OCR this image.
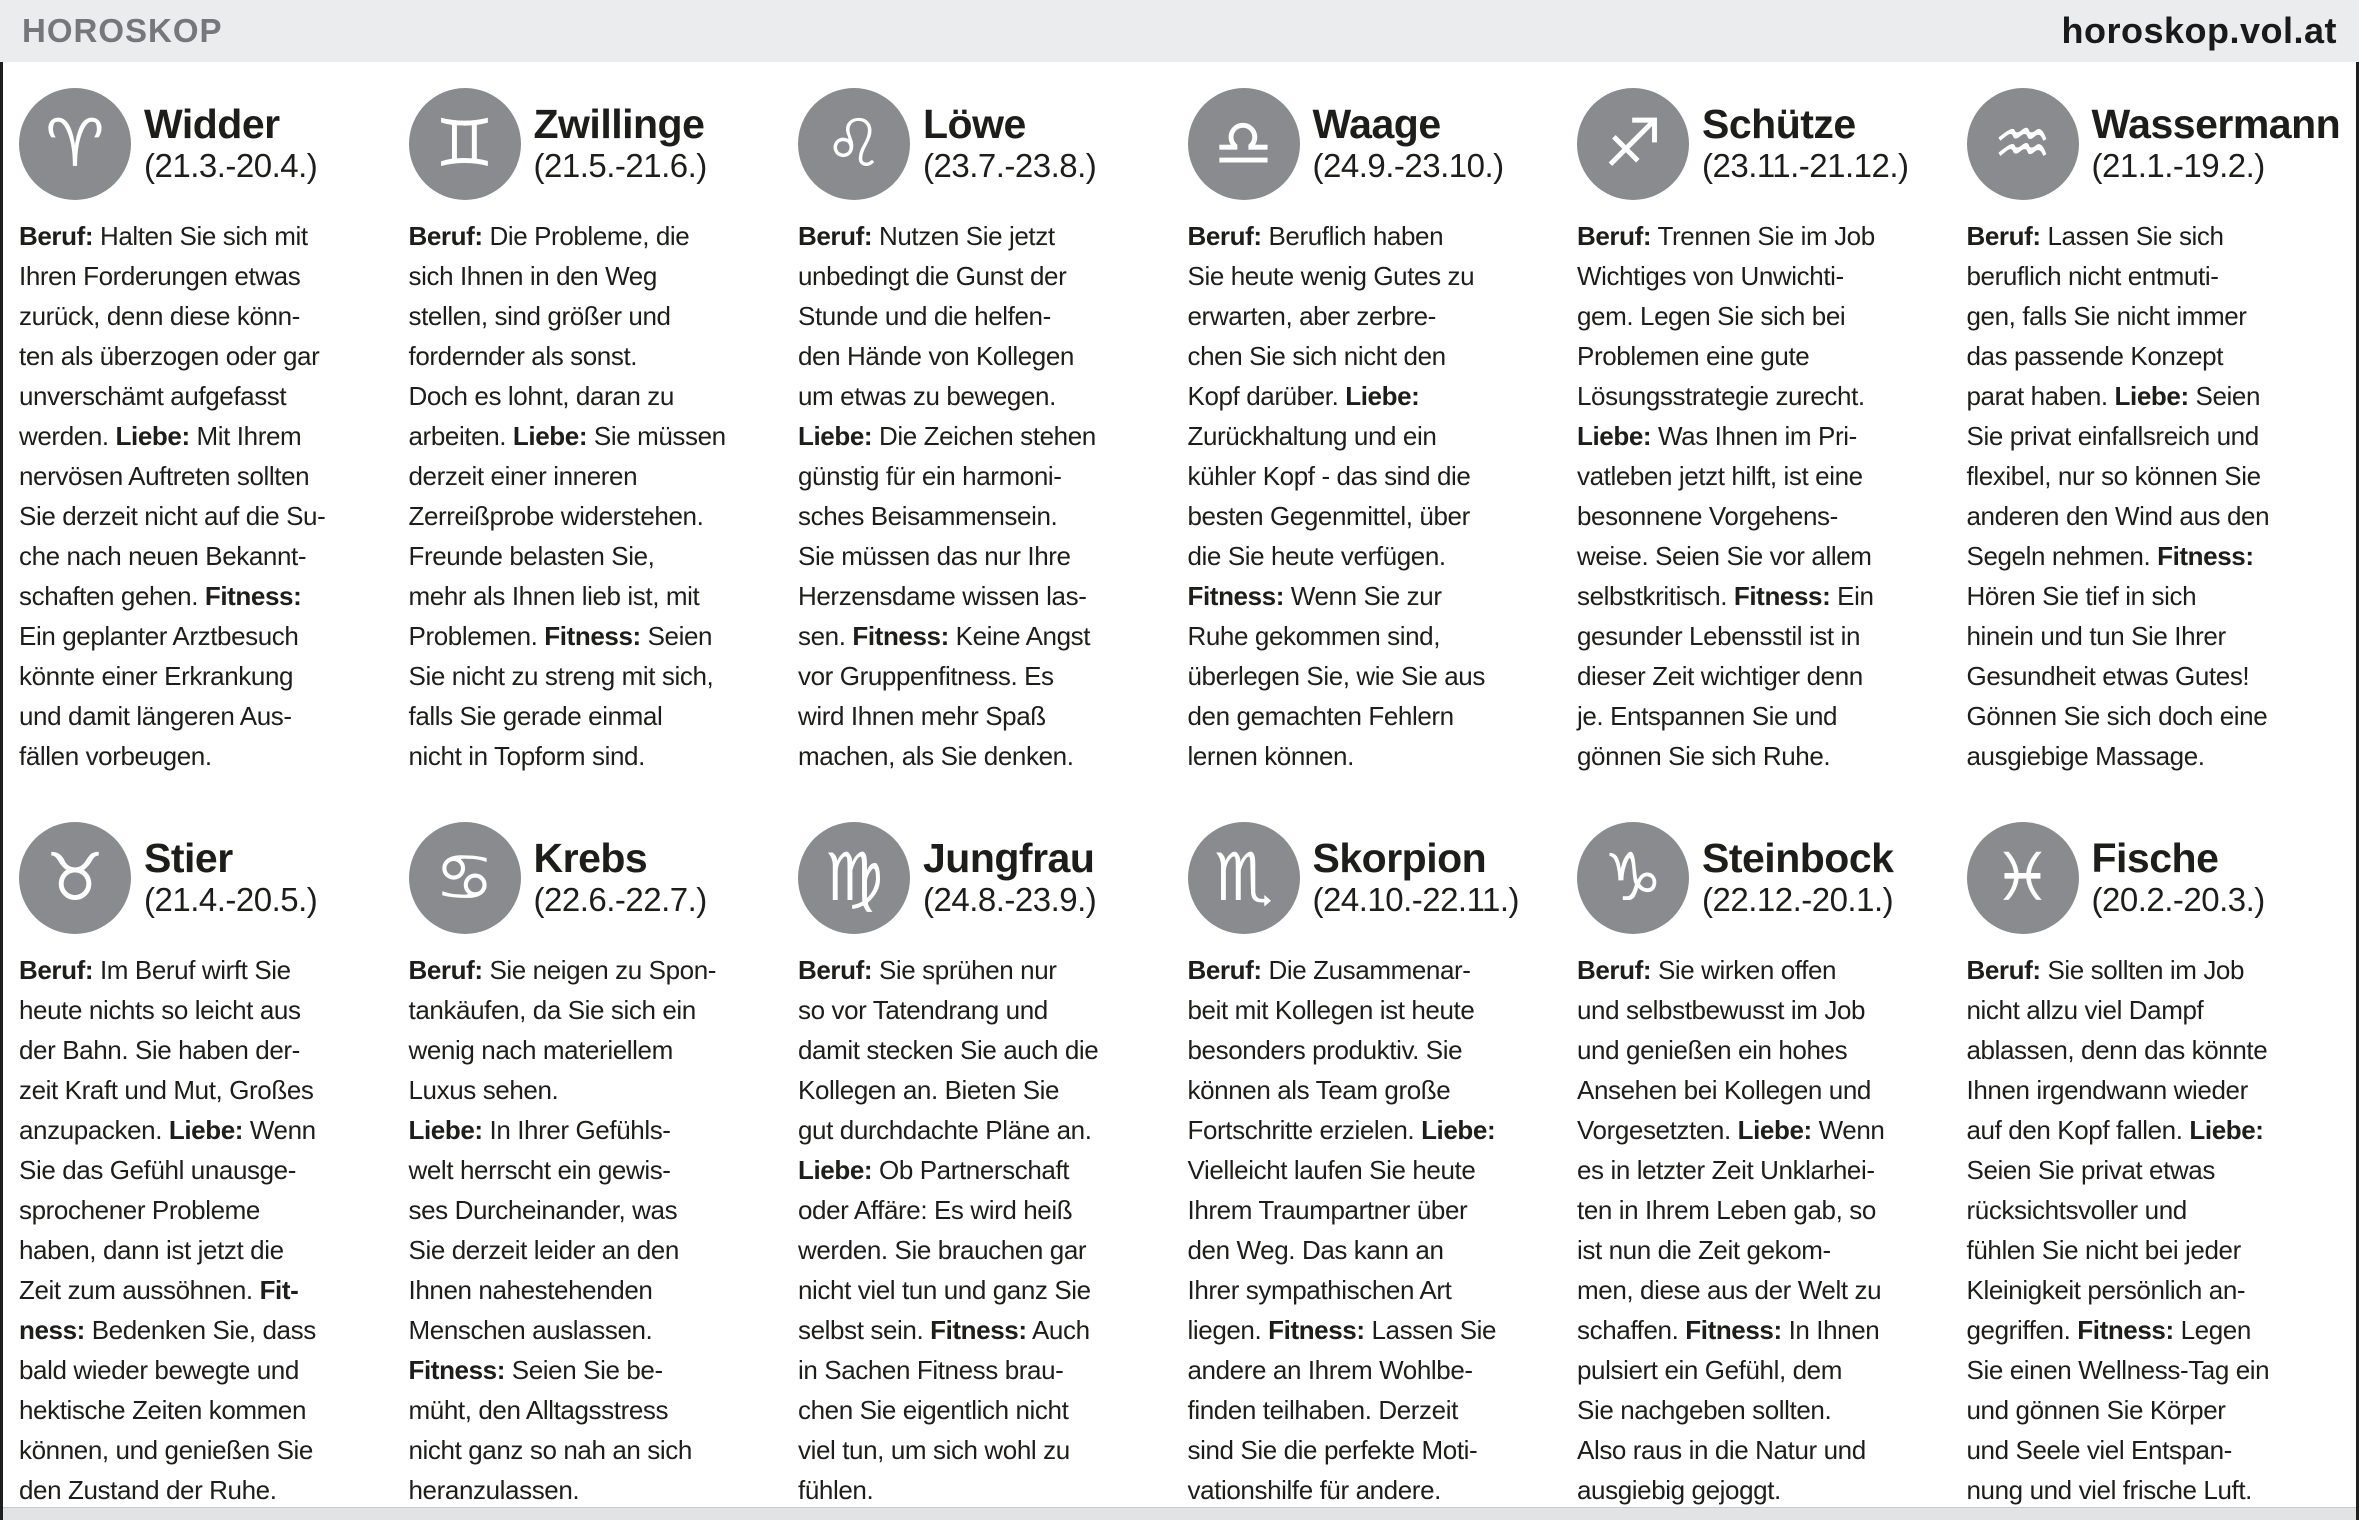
HOROSKOP	horoskop.vol.at
♈ Widder
(21.3.-20.4.)
Beruf: Halten Sie sich mit
Ihren Forderungen etwas
zurück, denn diese könn-
ten als überzogen oder gar
unverschämt aufgefasst
werden. Liebe: Mit Ihrem
nervösen Auftreten sollten
Sie derzeit nicht auf die Su-
che nach neuen Bekannt-
schaften gehen. Fitness:
Ein geplanter Arztbesuch
könnte einer Erkrankung
und damit längeren Aus-
fällen vorbeugen.
♊ Zwillinge
(21.5.-21.6.)
Beruf: Die Probleme, die
sich Ihnen in den Weg
stellen, sind größer und
fordernder als sonst.
Doch es lohnt, daran zu
arbeiten. Liebe: Sie müssen
derzeit einer inneren
Zerreißprobe widerstehen.
Freunde belasten Sie,
mehr als Ihnen lieb ist, mit
Problemen. Fitness: Seien
Sie nicht zu streng mit sich,
falls Sie gerade einmal
nicht in Topform sind.
♌ Löwe
(23.7.-23.8.)
Beruf: Nutzen Sie jetzt
unbedingt die Gunst der
Stunde und die helfen-
den Hände von Kollegen
um etwas zu bewegen.
Liebe: Die Zeichen stehen
günstig für ein harmoni-
sches Beisammensein.
Sie müssen das nur Ihre
Herzensdame wissen las-
sen. Fitness: Keine Angst
vor Gruppenfitness. Es
wird Ihnen mehr Spaß
machen, als Sie denken.
♎ Waage
(24.9.-23.10.)
Beruf: Beruflich haben
Sie heute wenig Gutes zu
erwarten, aber zerbre-
chen Sie sich nicht den
Kopf darüber. Liebe:
Zurückhaltung und ein
kühler Kopf - das sind die
besten Gegenmittel, über
die Sie heute verfügen.
Fitness: Wenn Sie zur
Ruhe gekommen sind,
überlegen Sie, wie Sie aus
den gemachten Fehlern
lernen können.
♐ Schütze
(23.11.-21.12.)
Beruf: Trennen Sie im Job
Wichtiges von Unwichti-
gem. Legen Sie sich bei
Problemen eine gute
Lösungsstrategie zurecht.
Liebe: Was Ihnen im Pri-
vatleben jetzt hilft, ist eine
besonnene Vorgehens-
weise. Seien Sie vor allem
selbstkritisch. Fitness: Ein
gesunder Lebensstil ist in
dieser Zeit wichtiger denn
je. Entspannen Sie und
gönnen Sie sich Ruhe.
♒ Wassermann
(21.1.-19.2.)
Beruf: Lassen Sie sich
beruflich nicht entmuti-
gen, falls Sie nicht immer
das passende Konzept
parat haben. Liebe: Seien
Sie privat einfallsreich und
flexibel, nur so können Sie
anderen den Wind aus den
Segeln nehmen. Fitness:
Hören Sie tief in sich
hinein und tun Sie Ihrer
Gesundheit etwas Gutes!
Gönnen Sie sich doch eine
ausgiebige Massage.
♉ Stier
(21.4.-20.5.)
Beruf: Im Beruf wirft Sie
heute nichts so leicht aus
der Bahn. Sie haben der-
zeit Kraft und Mut, Großes
anzupacken. Liebe: Wenn
Sie das Gefühl unausge-
sprochener Probleme
haben, dann ist jetzt die
Zeit zum aussöhnen. Fit-
ness: Bedenken Sie, dass
bald wieder bewegte und
hektische Zeiten kommen
können, und genießen Sie
den Zustand der Ruhe.
♋ Krebs
(22.6.-22.7.)
Beruf: Sie neigen zu Spon-
tankäufen, da Sie sich ein
wenig nach materiellem
Luxus sehen.
Liebe: In Ihrer Gefühls-
welt herrscht ein gewis-
ses Durcheinander, was
Sie derzeit leider an den
Ihnen nahestehenden
Menschen auslassen.
Fitness: Seien Sie be-
müht, den Alltagsstress
nicht ganz so nah an sich
heranzulassen.
♍ Jungfrau
(24.8.-23.9.)
Beruf: Sie sprühen nur
so vor Tatendrang und
damit stecken Sie auch die
Kollegen an. Bieten Sie
gut durchdachte Pläne an.
Liebe: Ob Partnerschaft
oder Affäre: Es wird heiß
werden. Sie brauchen gar
nicht viel tun und ganz Sie
selbst sein. Fitness: Auch
in Sachen Fitness brau-
chen Sie eigentlich nicht
viel tun, um sich wohl zu
fühlen.
♏ Skorpion
(24.10.-22.11.)
Beruf: Die Zusammenar-
beit mit Kollegen ist heute
besonders produktiv. Sie
können als Team große
Fortschritte erzielen. Liebe:
Vielleicht laufen Sie heute
Ihrem Traumpartner über
den Weg. Das kann an
Ihrer sympathischen Art
liegen. Fitness: Lassen Sie
andere an Ihrem Wohlbe-
finden teilhaben. Derzeit
sind Sie die perfekte Moti-
vationshilfe für andere.
♑ Steinbock
(22.12.-20.1.)
Beruf: Sie wirken offen
und selbstbewusst im Job
und genießen ein hohes
Ansehen bei Kollegen und
Vorgesetzten. Liebe: Wenn
es in letzter Zeit Unklarhei-
ten in Ihrem Leben gab, so
ist nun die Zeit gekom-
men, diese aus der Welt zu
schaffen. Fitness: In Ihnen
pulsiert ein Gefühl, dem
Sie nachgeben sollten.
Also raus in die Natur und
ausgiebig gejoggt.
♓ Fische
(20.2.-20.3.)
Beruf: Sie sollten im Job
nicht allzu viel Dampf
ablassen, denn das könnte
Ihnen irgendwann wieder
auf den Kopf fallen. Liebe:
Seien Sie privat etwas
rücksichtsvoller und
fühlen Sie nicht bei jeder
Kleinigkeit persönlich an-
gegriffen. Fitness: Legen
Sie einen Wellness-Tag ein
und gönnen Sie Körper
und Seele viel Entspan-
nung und viel frische Luft.
